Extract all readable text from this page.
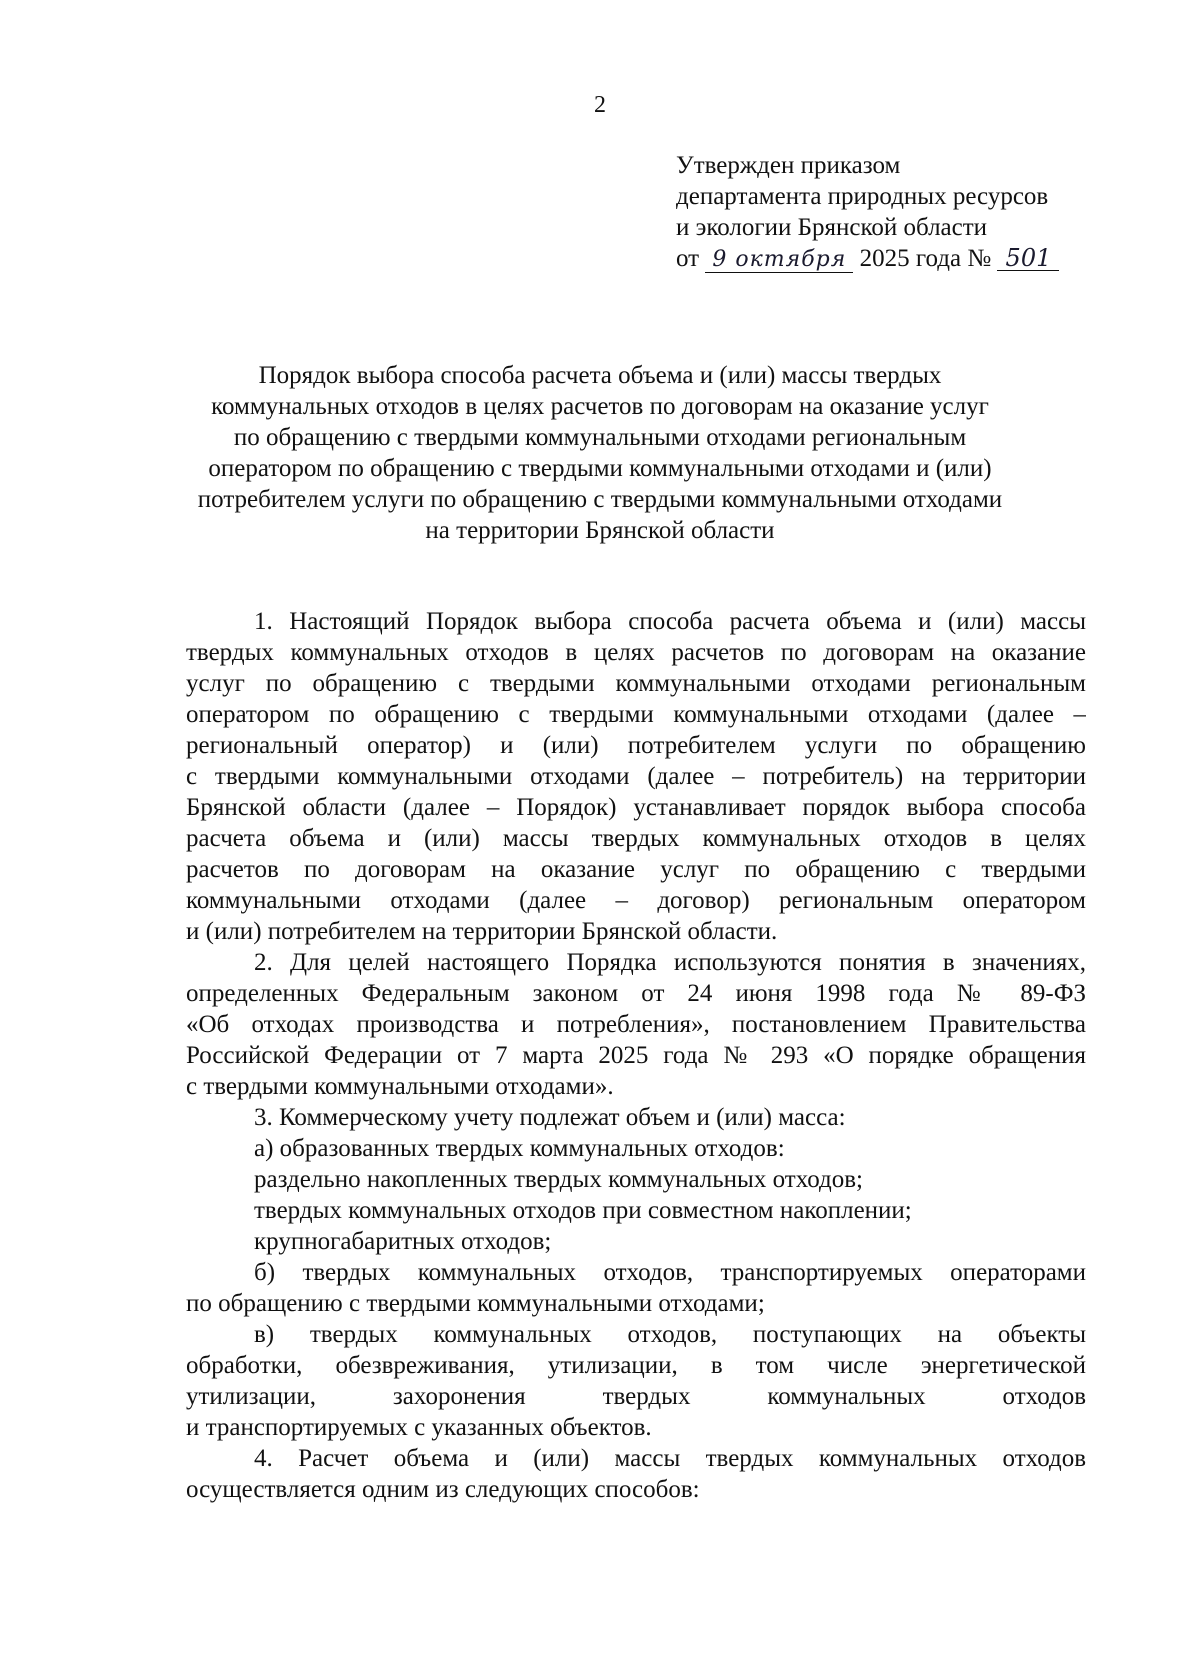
2
Утвержден приказом
департамента природных ресурсов
и экологии Брянской области
от 9 октября 2025 года № 501
Порядок выбора способа расчета объема и (или) массы твердых
коммунальных отходов в целях расчетов по договорам на оказание услуг
по обращению с твердыми коммунальными отходами региональным
оператором по обращению с твердыми коммунальными отходами и (или)
потребителем услуги по обращению с твердыми коммунальными отходами
на территории Брянской области
1. Настоящий Порядок выбора способа расчета объема и (или) массы
твердых коммунальных отходов в целях расчетов по договорам на оказание
услуг по обращению с твердыми коммунальными отходами региональным
оператором по обращению с твердыми коммунальными отходами (далее –
региональный оператор) и (или) потребителем услуги по обращению
с твердыми коммунальными отходами (далее – потребитель) на территории
Брянской области (далее – Порядок) устанавливает порядок выбора способа
расчета объема и (или) массы твердых коммунальных отходов в целях
расчетов по договорам на оказание услуг по обращению с твердыми
коммунальными отходами (далее – договор) региональным оператором
и (или) потребителем на территории Брянской области.
2. Для целей настоящего Порядка используются понятия в значениях,
определенных Федеральным законом от 24 июня 1998 года № 89-ФЗ
«Об отходах производства и потребления», постановлением Правительства
Российской Федерации от 7 марта 2025 года № 293 «О порядке обращения
с твердыми коммунальными отходами».
3. Коммерческому учету подлежат объем и (или) масса:
а) образованных твердых коммунальных отходов:
раздельно накопленных твердых коммунальных отходов;
твердых коммунальных отходов при совместном накоплении;
крупногабаритных отходов;
б) твердых коммунальных отходов, транспортируемых операторами
по обращению с твердыми коммунальными отходами;
в) твердых коммунальных отходов, поступающих на объекты
обработки, обезвреживания, утилизации, в том числе энергетической
утилизации, захоронения твердых коммунальных отходов
и транспортируемых с указанных объектов.
4. Расчет объема и (или) массы твердых коммунальных отходов
осуществляется одним из следующих способов:
